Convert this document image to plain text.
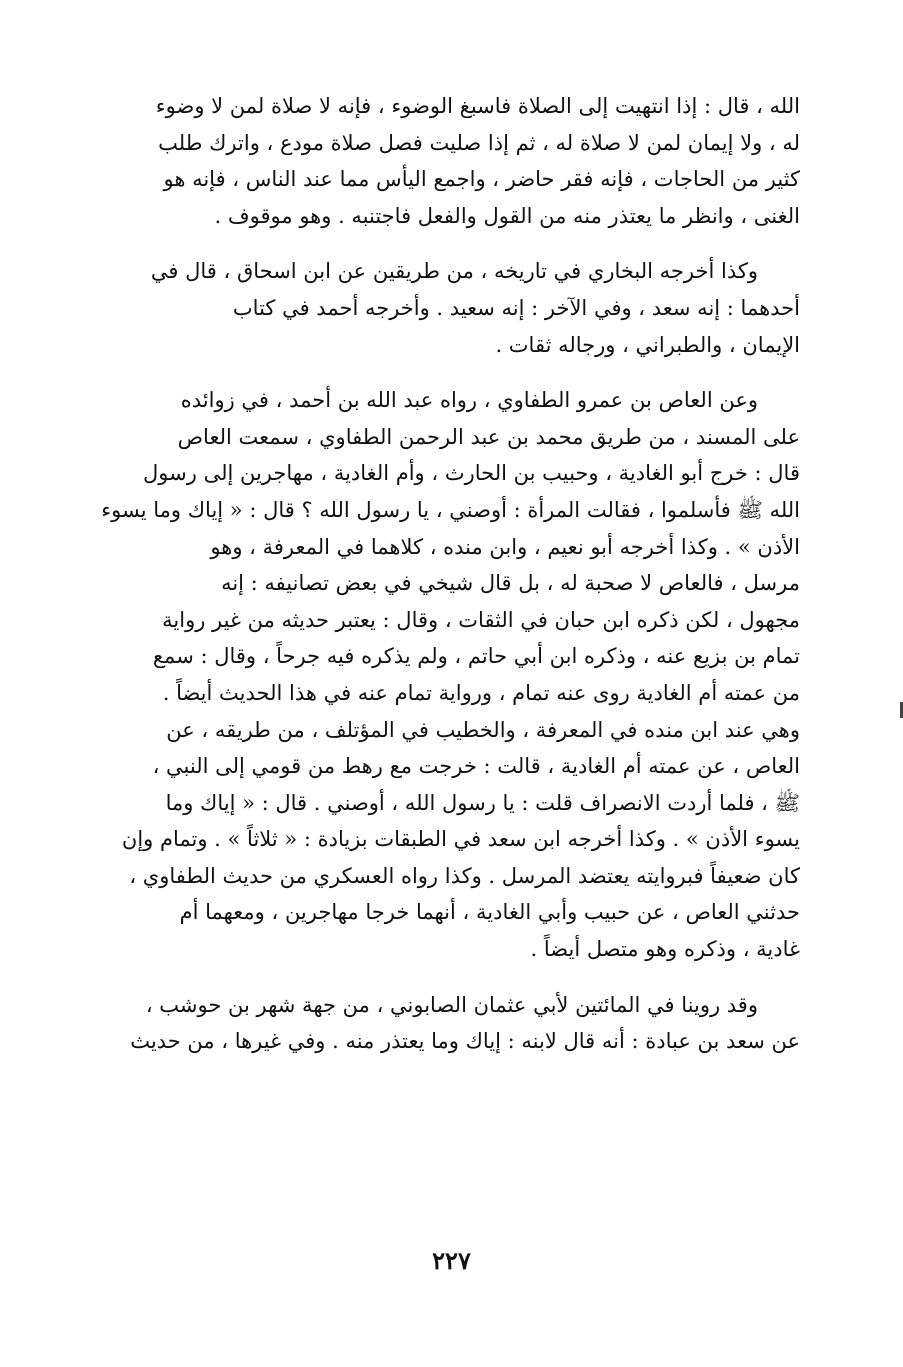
الله ، قال : إذا انتهيت إلى الصلاة فاسبغ الوضوء ، فإنه لا صلاة لمن لا وضوء
له ، ولا إيمان لمن لا صلاة له ، ثم إذا صليت فصل صلاة مودع ، واترك طلب
كثير من الحاجات ، فإنه فقر حاضر ، واجمع اليأس مما عند الناس ، فإنه هو
الغنى ، وانظر ما يعتذر منه من القول والفعل فاجتنبه . وهو موقوف .
وكذا أخرجه البخاري في تاريخه ، من طريقين عن ابن اسحاق ، قال في
أحدهما : إنه سعد ، وفي الآخر : إنه سعيد . وأخرجه أحمد في كتاب
الإيمان ، والطبراني ، ورجاله ثقات .
وعن العاص بن عمرو الطفاوي ، رواه عبد الله بن أحمد ، في زوائده
على المسند ، من طريق محمد بن عبد الرحمن الطفاوي ، سمعت العاص
قال : خرج أبو الغادية ، وحبيب بن الحارث ، وأم الغادية ، مهاجرين إلى رسول
الله ﷺ فأسلموا ، فقالت المرأة : أوصني ، يا رسول الله ؟ قال : « إياك وما يسوء
الأذن » . وكذا أخرجه أبو نعيم ، وابن منده ، كلاهما في المعرفة ، وهو
مرسل ، فالعاص لا صحبة له ، بل قال شيخي في بعض تصانيفه : إنه
مجهول ، لكن ذكره ابن حبان في الثقات ، وقال : يعتبر حديثه من غير رواية
تمام بن بزيع عنه ، وذكره ابن أبي حاتم ، ولم يذكره فيه جرحاً ، وقال : سمع
من عمته أم الغادية روى عنه تمام ، ورواية تمام عنه في هذا الحديث أيضاً .
وهي عند ابن منده في المعرفة ، والخطيب في المؤتلف ، من طريقه ، عن
العاص ، عن عمته أم الغادية ، قالت : خرجت مع رهط من قومي إلى النبي ،
ﷺ ، فلما أردت الانصراف قلت : يا رسول الله ، أوصني . قال : « إياك وما
يسوء الأذن » . وكذا أخرجه ابن سعد في الطبقات بزيادة : « ثلاثاً » . وتمام وإن
كان ضعيفاً فبروايته يعتضد المرسل . وكذا رواه العسكري من حديث الطفاوي ،
حدثني العاص ، عن حبيب وأبي الغادية ، أنهما خرجا مهاجرين ، ومعهما أم
غادية ، وذكره وهو متصل أيضاً .
وقد روينا في المائتين لأبي عثمان الصابوني ، من جهة شهر بن حوشب ،
عن سعد بن عبادة : أنه قال لابنه : إياك وما يعتذر منه . وفي غيرها ، من حديث
٢٢٧
